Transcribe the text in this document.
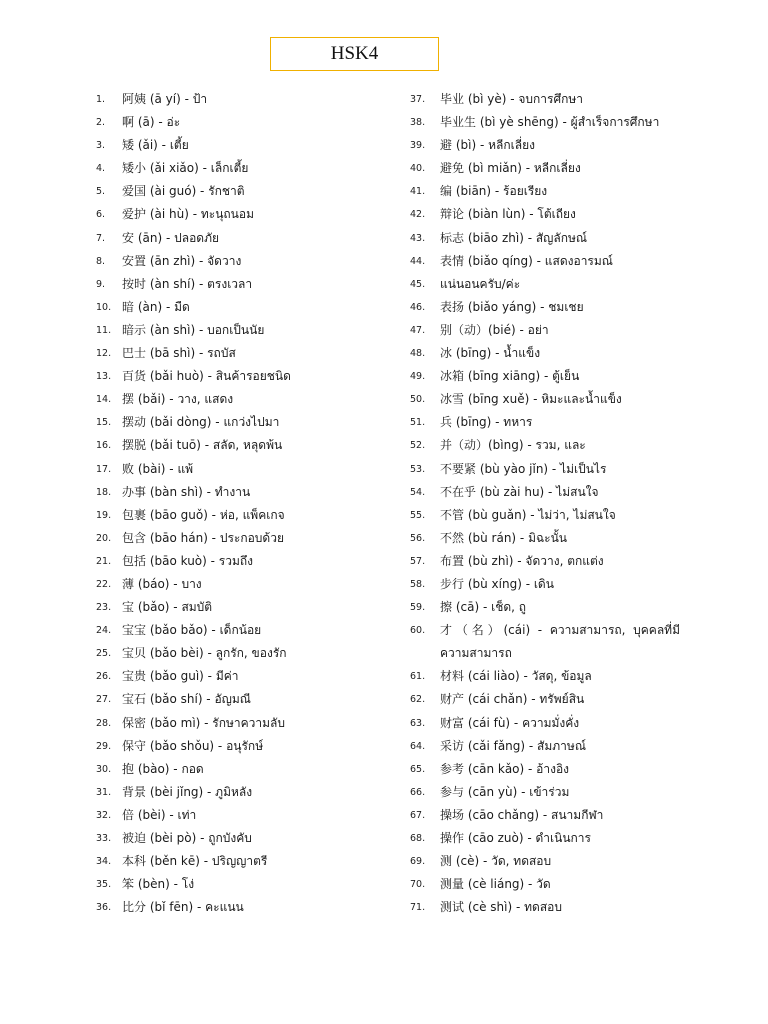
HSK4
1.	阿姨 (ā yí) - ป้า
2.	啊 (ā) - อ่ะ
3.	矮 (ǎi) - เตี้ย
4.	矮小 (ǎi xiǎo) - เล็กเตี้ย
5.	爱国 (ài guó) - รักชาติ
6.	爱护 (ài hù) - ทะนุถนอม
7.	安 (ān) - ปลอดภัย
8.	安置 (ān zhì) - จัดวาง
9.	按时 (àn shí) - ตรงเวลา
10. 暗 (àn) - มืด
11. 暗示 (àn shì) - บอกเป็นนัย
12. 巴士 (bā shì) - รถบัส
13. 百货 (bǎi huò) - สินค้ารอยชนิด
14. 摆 (bǎi) - วาง, แสดง
15. 摆动 (bǎi dòng) - แกว่งไปมา
16. 摆脱 (bǎi tuō) - สลัด, หลุดพ้น
17. 败 (bài) - แพ้
18. 办事 (bàn shì) - ทำงาน
19. 包裹 (bāo guǒ) - ห่อ, แพ็คเกจ
20. 包含 (bāo hán) - ประกอบด้วย
21. 包括 (bāo kuò) - รวมถึง
22. 薄 (báo) - บาง
23. 宝 (bǎo) - สมบัติ
24. 宝宝 (bǎo bǎo) - เด็กน้อย
25. 宝贝 (bǎo bèi) - ลูกรัก, ของรัก
26. 宝贵 (bǎo guì) - มีค่า
27. 宝石 (bǎo shí) - อัญมณี
28. 保密 (bǎo mì) - รักษาความลับ
29. 保守 (bǎo shǒu) - อนุรักษ์
30. 抱 (bào) - กอด
31. 背景 (bèi jǐng) - ภูมิหลัง
32. 倍 (bèi) - เท่า
33. 被迫 (bèi pò) - ถูกบังคับ
34. 本科 (běn kē) - ปริญญาตรี
35. 笨 (bèn) - โง่
36. 比分 (bǐ fēn) - คะแนน
37.	毕业 (bì yè) - จบการศึกษา
38.	毕业生 (bì yè shēng) - ผู้สำเร็จการศึกษา
39.	避 (bì) - หลีกเลี่ยง
40.	避免 (bì miǎn) - หลีกเลี่ยง
41.	编 (biān) - ร้อยเรียง
42.	辩论 (biàn lùn) - โต้เถียง
43.	标志 (biāo zhì) - สัญลักษณ์
44.	表情 (biǎo qíng) - แสดงอารมณ์
45.	แน่นอนครับ/ค่ะ
46.	表扬 (biǎo yáng) - ชมเชย
47.	别（动）(bié) - อย่า
48.	冰 (bīng) - น้ำแข็ง
49.	冰箱 (bīng xiāng) - ตู้เย็น
50.	冰雪 (bīng xuě) - หิมะและน้ำแข็ง
51.	兵 (bīng) - ทหาร
52.	并（动）(bìng) - รวม, และ
53.	不要紧 (bù yào jǐn) - ไม่เป็นไร
54.	不在乎 (bù zài hu) - ไม่สนใจ
55.	不管 (bù guǎn) - ไม่ว่า, ไม่สนใจ
56.	不然 (bù rán) - มิฉะนั้น
57.	布置 (bù zhì) - จัดวาง, ตกแต่ง
58.	步行 (bù xíng) - เดิน
59.	擦 (cā) - เช็ด, ถู
60.	才（名）(cái) - ความสามารถ, บุคคลที่มีความสามารถ
61.	材料 (cái liào) - วัสดุ, ข้อมูล
62.	财产 (cái chǎn) - ทรัพย์สิน
63.	财富 (cái fù) - ความมั่งคั่ง
64.	采访 (cǎi fǎng) - สัมภาษณ์
65.	参考 (cān kǎo) - อ้างอิง
66.	参与 (cān yù) - เข้าร่วม
67.	操场 (cāo chǎng) - สนามกีฬา
68.	操作 (cāo zuò) - ดำเนินการ
69.	测 (cè) - วัด, ทดสอบ
70.	测量 (cè liáng) - วัด
71.	测试 (cè shì) - ทดสอบ
